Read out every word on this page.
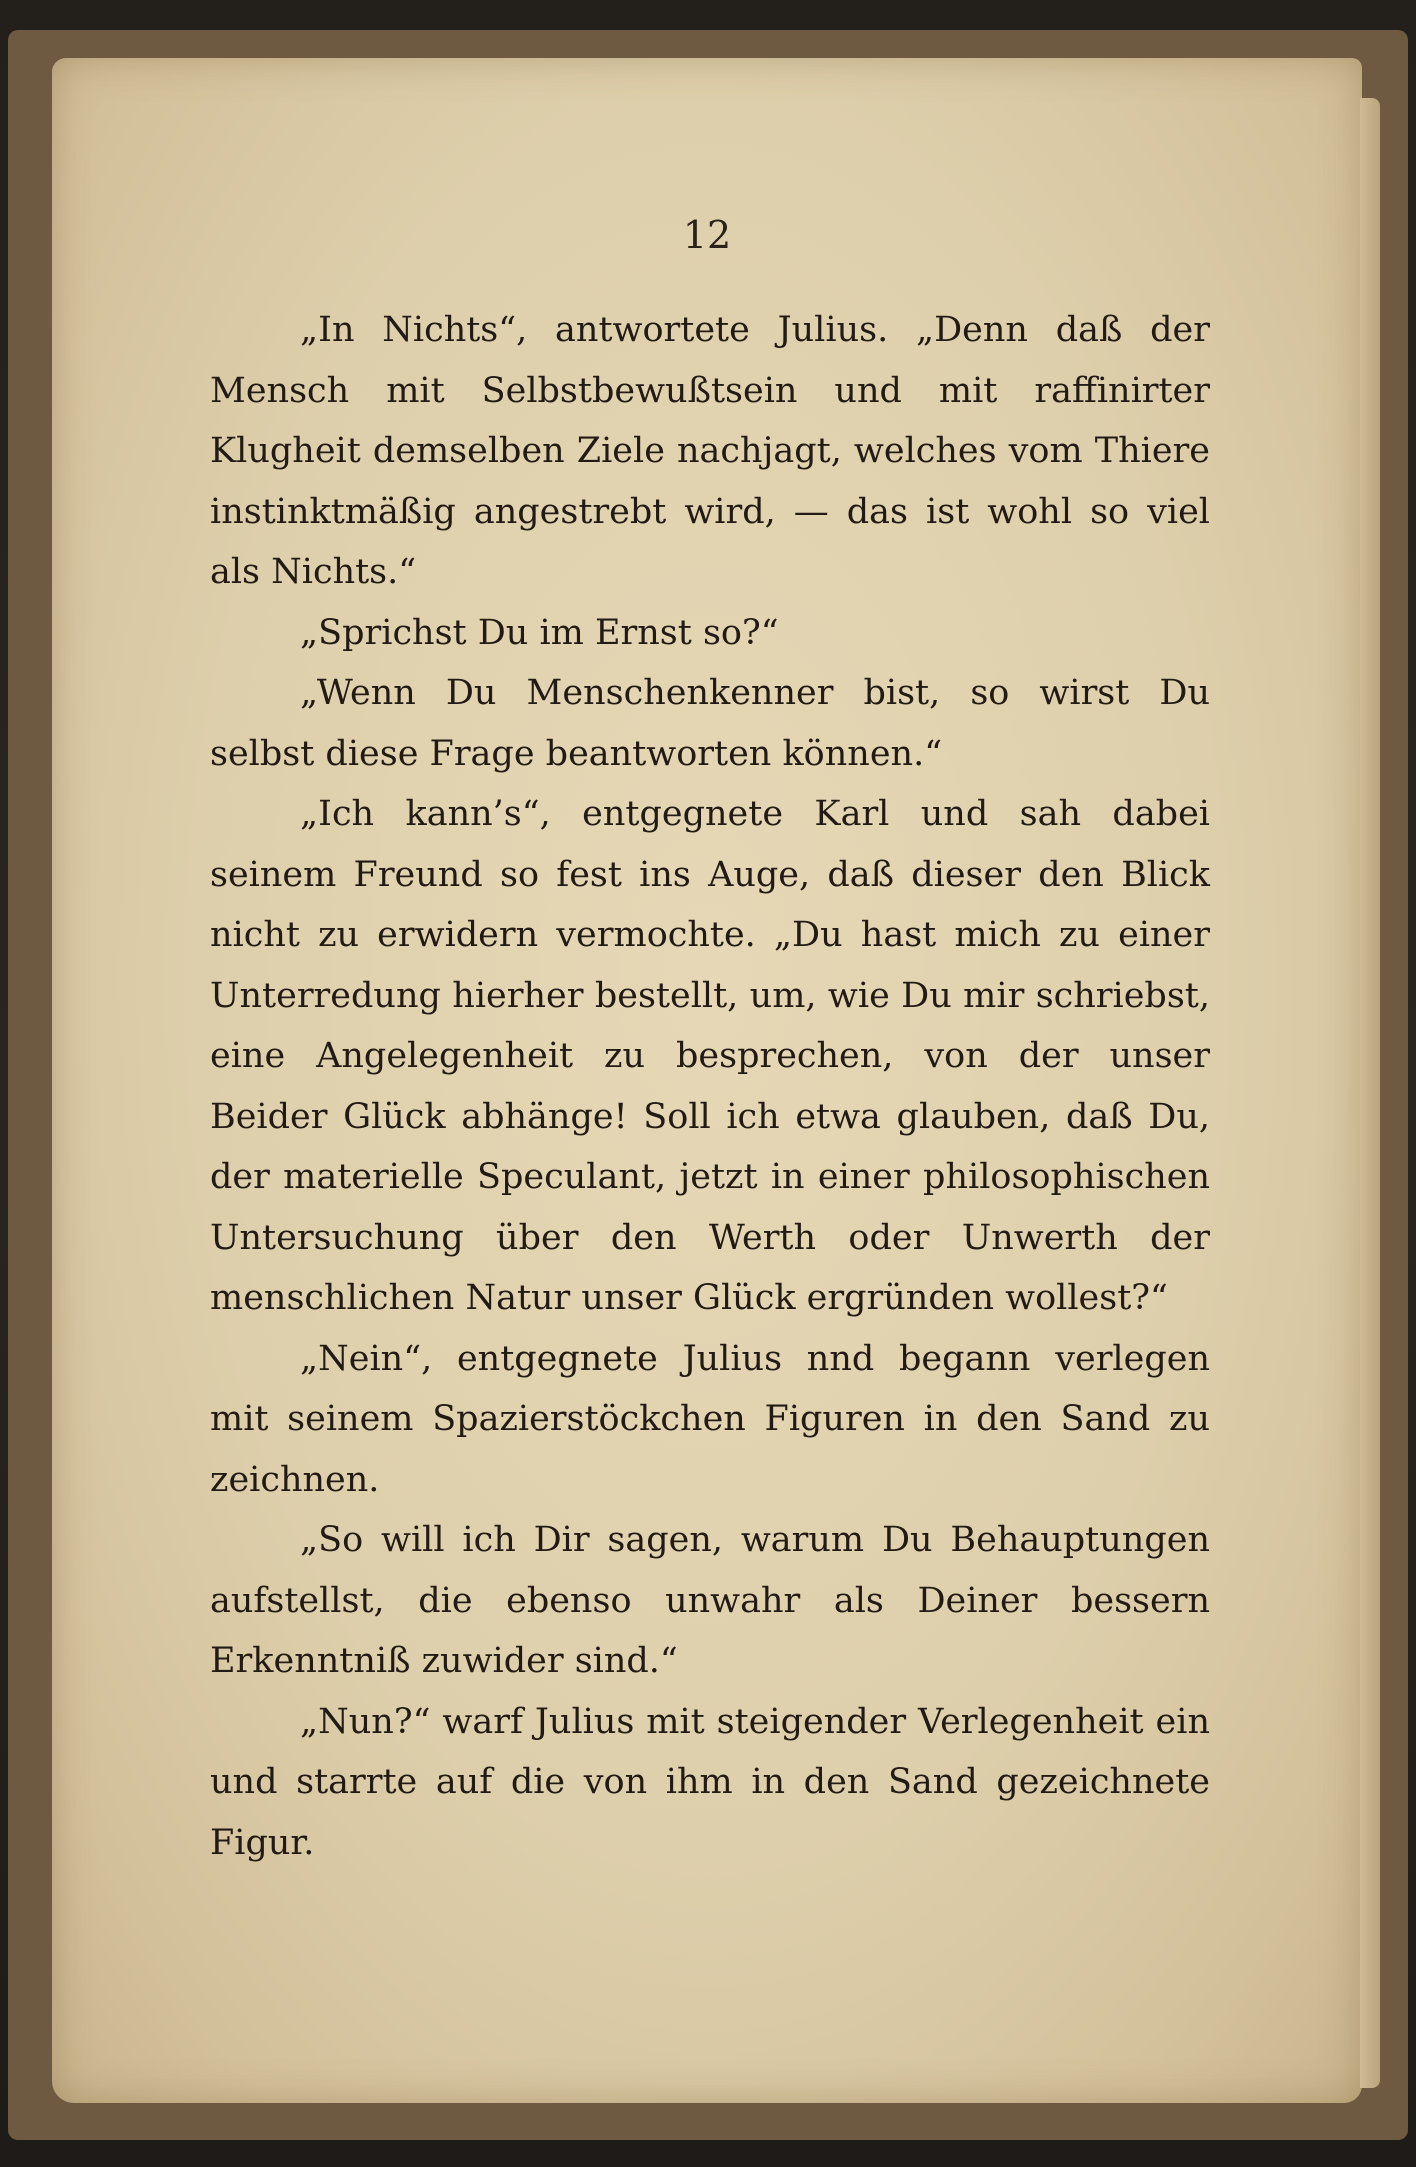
12

„In Nichts“, antwortete Julius. „Denn daß der Mensch mit Selbstbewußtsein und mit raffinirter Klugheit demselben Ziele nachjagt, welches vom Thiere instinktmäßig angestrebt wird, — das ist wohl so viel als Nichts.“

„Sprichst Du im Ernst so?“

„Wenn Du Menschenkenner bist, so wirst Du selbst diese Frage beantworten können.“

„Ich kann’s“, entgegnete Karl und sah dabei seinem Freund so fest ins Auge, daß dieser den Blick nicht zu erwidern vermochte. „Du hast mich zu einer Unterredung hierher bestellt, um, wie Du mir schriebst, eine Angelegenheit zu besprechen, von der unser Beider Glück abhänge! Soll ich etwa glauben, daß Du, der materielle Speculant, jetzt in einer philosophischen Untersuchung über den Werth oder Unwerth der menschlichen Natur unser Glück ergründen wollest?“

„Nein“, entgegnete Julius nnd begann verlegen mit seinem Spazierstöckchen Figuren in den Sand zu zeichnen.

„So will ich Dir sagen, warum Du Behauptungen aufstellst, die ebenso unwahr als Deiner bessern Erkenntniß zuwider sind.“

„Nun?“ warf Julius mit steigender Verlegenheit ein und starrte auf die von ihm in den Sand gezeichnete Figur.
